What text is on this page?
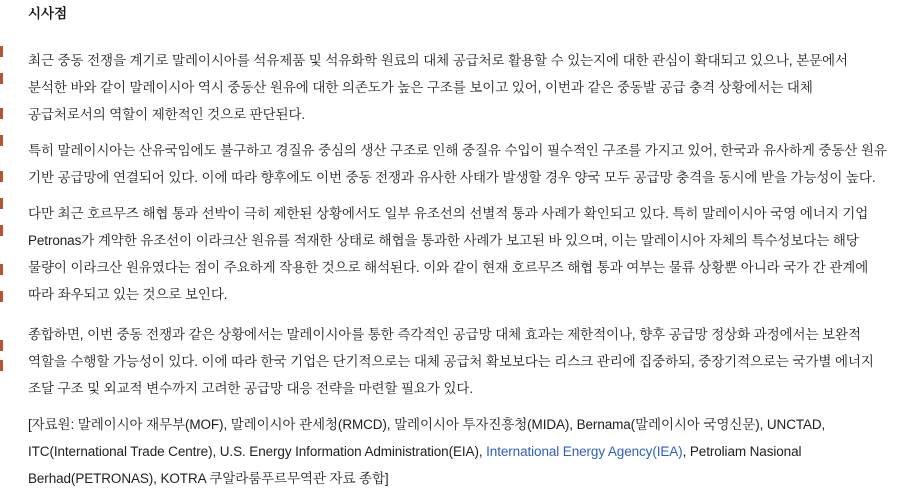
시사점

최근 중동 전쟁을 계기로 말레이시아를 석유제품 및 석유화학 원료의 대체 공급처로 활용할 수 있는지에 대한 관심이 확대되고 있으나, 본문에서 분석한 바와 같이 말레이시아 역시 중동산 원유에 대한 의존도가 높은 구조를 보이고 있어, 이번과 같은 중동발 공급 충격 상황에서는 대체 공급처로서의 역할이 제한적인 것으로 판단된다.

특히 말레이시아는 산유국임에도 불구하고 경질유 중심의 생산 구조로 인해 중질유 수입이 필수적인 구조를 가지고 있어, 한국과 유사하게 중동산 원유 기반 공급망에 연결되어 있다. 이에 따라 향후에도 이번 중동 전쟁과 유사한 사태가 발생할 경우 양국 모두 공급망 충격을 동시에 받을 가능성이 높다.

다만 최근 호르무즈 해협 통과 선박이 극히 제한된 상황에서도 일부 유조선의 선별적 통과 사례가 확인되고 있다. 특히 말레이시아 국영 에너지 기업 Petronas가 계약한 유조선이 이라크산 원유를 적재한 상태로 해협을 통과한 사례가 보고된 바 있으며, 이는 말레이시아 자체의 특수성보다는 해당 물량이 이라크산 원유였다는 점이 주요하게 작용한 것으로 해석된다. 이와 같이 현재 호르무즈 해협 통과 여부는 물류 상황뿐 아니라 국가 간 관계에 따라 좌우되고 있는 것으로 보인다.

종합하면, 이번 중동 전쟁과 같은 상황에서는 말레이시아를 통한 즉각적인 공급망 대체 효과는 제한적이나, 향후 공급망 정상화 과정에서는 보완적 역할을 수행할 가능성이 있다. 이에 따라 한국 기업은 단기적으로는 대체 공급처 확보보다는 리스크 관리에 집중하되, 중장기적으로는 국가별 에너지 조달 구조 및 외교적 변수까지 고려한 공급망 대응 전략을 마련할 필요가 있다.

[자료원: 말레이시아 재무부(MOF), 말레이시아 관세청(RMCD), 말레이시아 투자진흥청(MIDA), Bernama(말레이시아 국영신문), UNCTAD, ITC(International Trade Centre), U.S. Energy Information Administration(EIA), International Energy Agency(IEA), Petroliam Nasional Berhad(PETRONAS), KOTRA 쿠알라룸푸르무역관 자료 종합]
